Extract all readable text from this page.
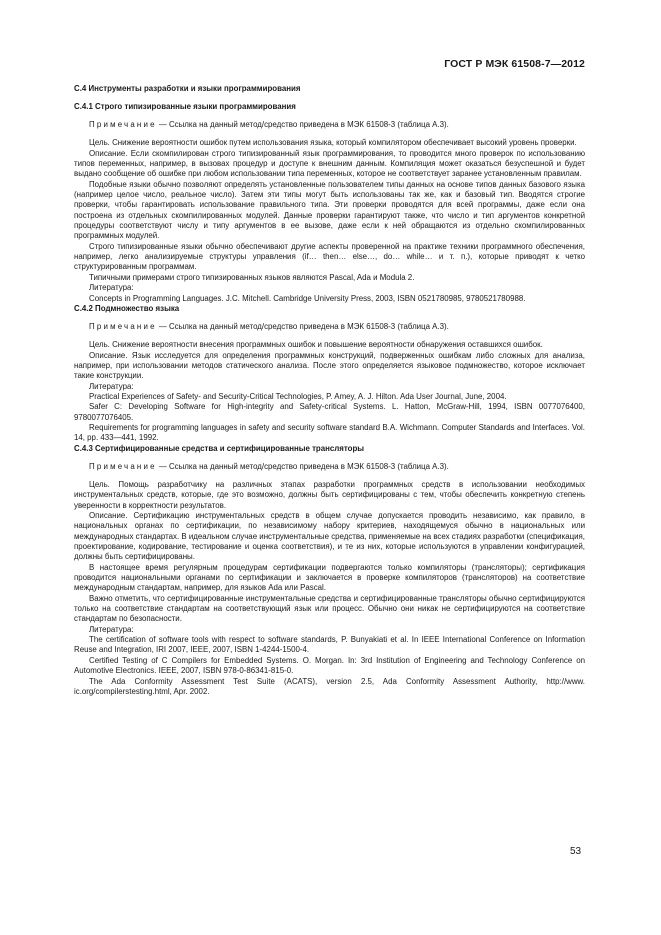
ГОСТ Р МЭК 61508-7—2012
C.4 Инструменты разработки и языки программирования
C.4.1 Строго типизированные языки программирования
Примечание — Ссылка на данный метод/средство приведена в МЭК 61508-3 (таблица А.3).
Цель. Снижение вероятности ошибок путем использования языка, который компилятором обеспечивает высокий уровень проверки.
Описание. Если скомпилирован строго типизированный язык программирования, то проводится много проверок по использованию типов переменных, например, в вызовах процедур и доступе к внешним данным. Компиляция может оказаться безуспешной и будет выдано сообщение об ошибке при любом использовании типа переменных, которое не соответствует заранее установленным правилам.
Подобные языки обычно позволяют определять установленные пользователем типы данных на основе типов данных базового языка (например целое число, реальное число). Затем эти типы могут быть использованы так же, как и базовый тип. Вводятся строгие проверки, чтобы гарантировать использование правильного типа. Эти проверки проводятся для всей программы, даже если она построена из отдельных скомпилированных модулей. Данные проверки гарантируют также, что число и тип аргументов конкретной процедуры соответствуют числу и типу аргументов в ее вызове, даже если к ней обращаются из отдельно скомпилированных программных модулей.
Строго типизированные языки обычно обеспечивают другие аспекты проверенной на практике техники программного обеспечения, например, легко анализируемые структуры управления (if… then… else…, do… while… и т. п.), которые приводят к четко структурированным программам.
Типичными примерами строго типизированных языков являются Pascal, Ada и Modula 2.
Литература:
Concepts in Programming Languages. J.C. Mitchell. Cambridge University Press, 2003, ISBN 0521780985, 9780521780988.
C.4.2 Подмножество языка
Примечание — Ссылка на данный метод/средство приведена в МЭК 61508-3 (таблица А.3).
Цель. Снижение вероятности внесения программных ошибок и повышение вероятности обнаружения оставшихся ошибок.
Описание. Язык исследуется для определения программных конструкций, подверженных ошибкам либо сложных для анализа, например, при использовании методов статического анализа. После этого определяется языковое подмножество, которое исключает такие конструкции.
Литература:
Practical Experiences of Safety- and Security-Critical Technologies, P. Amey, A. J. Hilton. Ada User Journal, June, 2004.
Safer C: Developing Software for High-integrity and Safety-critical Systems. L. Hatton, McGraw-Hill, 1994, ISBN 0077076400, 9780077076405.
Requirements for programming languages in safety and security software standard B.A. Wichmann. Computer Standards and Interfaces. Vol. 14, pp. 433—441, 1992.
C.4.3 Сертифицированные средства и сертифицированные трансляторы
Примечание — Ссылка на данный метод/средство приведена в МЭК 61508-3 (таблица А.3).
Цель. Помощь разработчику на различных этапах разработки программных средств в использовании необходимых инструментальных средств, которые, где это возможно, должны быть сертифицированы с тем, чтобы обеспечить конкретную степень уверенности в корректности результатов.
Описание. Сертификацию инструментальных средств в общем случае допускается проводить независимо, как правило, в национальных органах по сертификации, по независимому набору критериев, находящемуся обычно в национальных или международных стандартах. В идеальном случае инструментальные средства, применяемые на всех стадиях разработки (спецификация, проектирование, кодирование, тестирование и оценка соответствия), и те из них, которые используются в управлении конфигурацией, должны быть сертифицированы.
В настоящее время регулярным процедурам сертификации подвергаются только компиляторы (трансляторы); сертификация проводится национальными органами по сертификации и заключается в проверке компиляторов (трансляторов) на соответствие международным стандартам, например, для языков Ada или Pascal.
Важно отметить, что сертифицированные инструментальные средства и сертифицированные трансляторы обычно сертифицируются только на соответствие стандартам на соответствующий язык или процесс. Обычно они никак не сертифицируются на соответствие стандартам по безопасности.
Литература:
The certification of software tools with respect to software standards, P. Bunyakiati et al. In IEEE International Conference on Information Reuse and Integration, IRI 2007, IEEE, 2007, ISBN 1-4244-1500-4.
Certified Testing of C Compilers for Embedded Systems. O. Morgan. In: 3rd Institution of Engineering and Technology Conference on Automotive Electronics. IEEE, 2007, ISBN 978-0-86341-815-0.
The Ada Conformity Assessment Test Suite (ACATS), version 2.5, Ada Conformity Assessment Authority, http://www. ic.org/compilerstesting.html, Apr. 2002.
53
